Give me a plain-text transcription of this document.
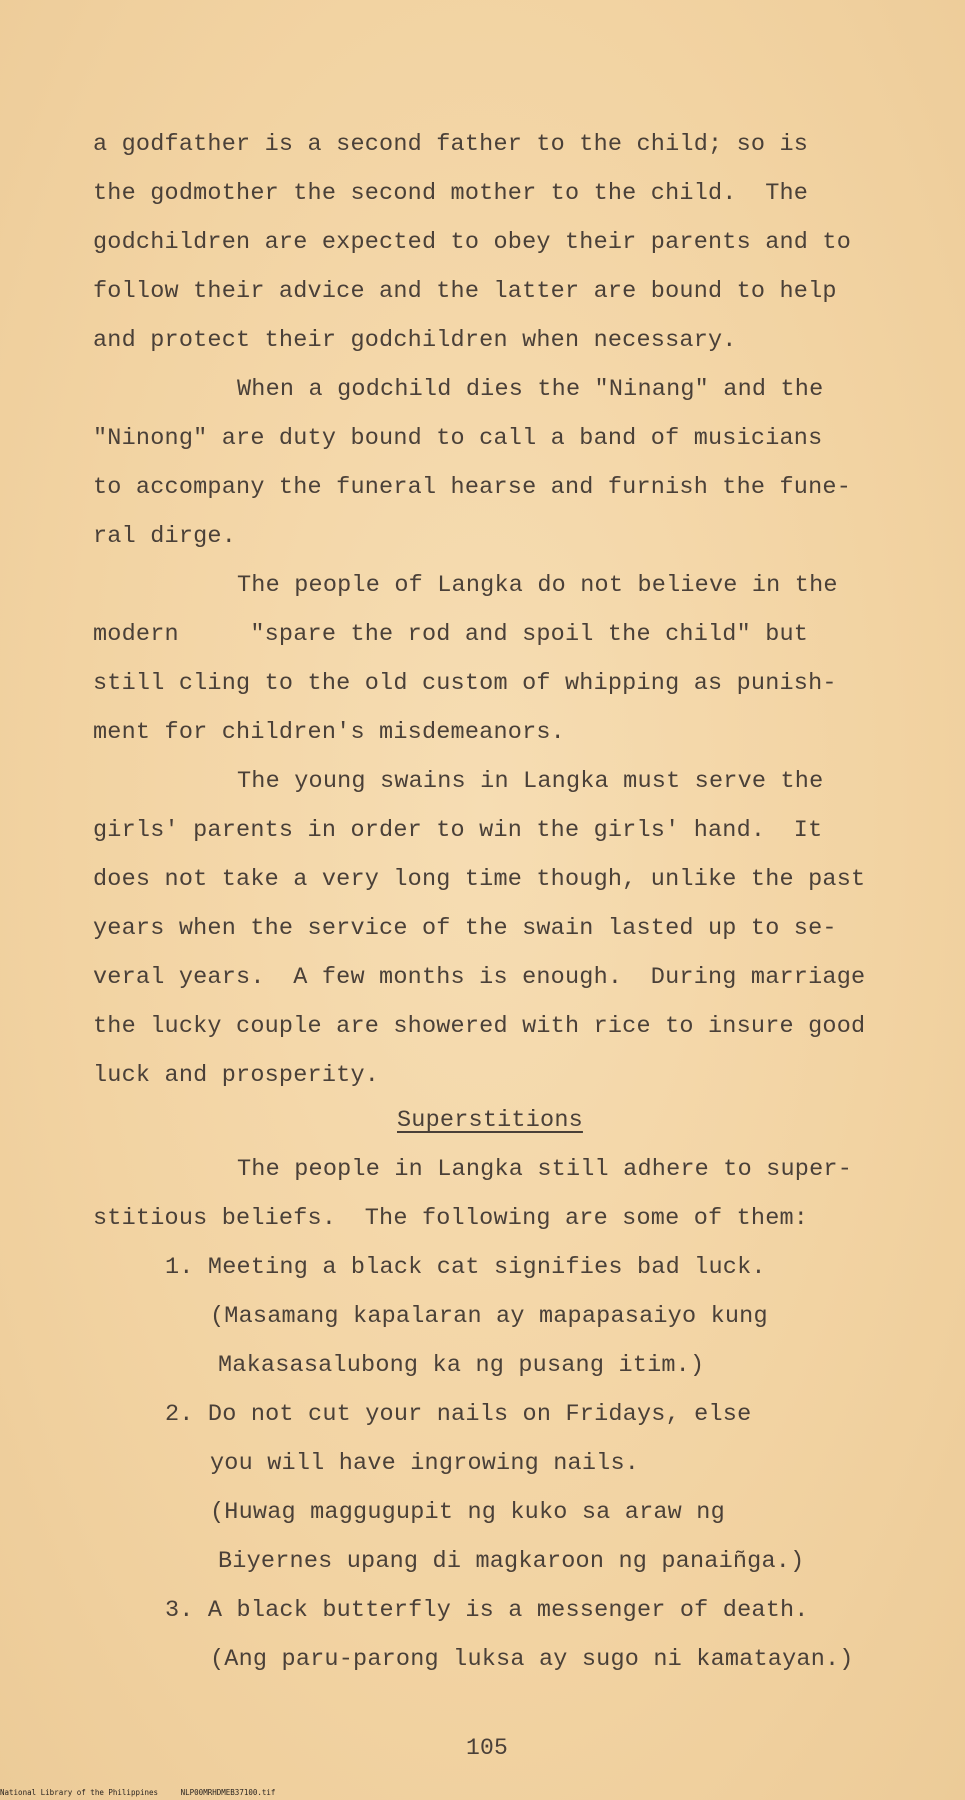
a godfather is a second father to the child; so is
the godmother the second mother to the child.  The
godchildren are expected to obey their parents and to
follow their advice and the latter are bound to help
and protect their godchildren when necessary.
When a godchild dies the "Ninang" and the
"Ninong" are duty bound to call a band of musicians
to accompany the funeral hearse and furnish the fune-
ral dirge.
The people of Langka do not believe in the
modern     "spare the rod and spoil the child" but
still cling to the old custom of whipping as punish-
ment for children's misdemeanors.
The young swains in Langka must serve the
girls' parents in order to win the girls' hand.  It
does not take a very long time though, unlike the past
years when the service of the swain lasted up to se-
veral years.  A few months is enough.  During marriage
the lucky couple are showered with rice to insure good
luck and prosperity.
Superstitions
The people in Langka still adhere to super-
stitious beliefs.  The following are some of them:
1. Meeting a black cat signifies bad luck.
(Masamang kapalaran ay mapapasaiyo kung
Makasasalubong ka ng pusang itim.)
2. Do not cut your nails on Fridays, else
you will have ingrowing nails.
(Huwag maggugupit ng kuko sa araw ng
Biyernes upang di magkaroon ng panaiñga.)
3. A black butterfly is a messenger of death.
(Ang paru-parong luksa ay sugo ni kamatayan.)
105
National Library of the Philippines     NLP00MRHDMEB37100.tif
